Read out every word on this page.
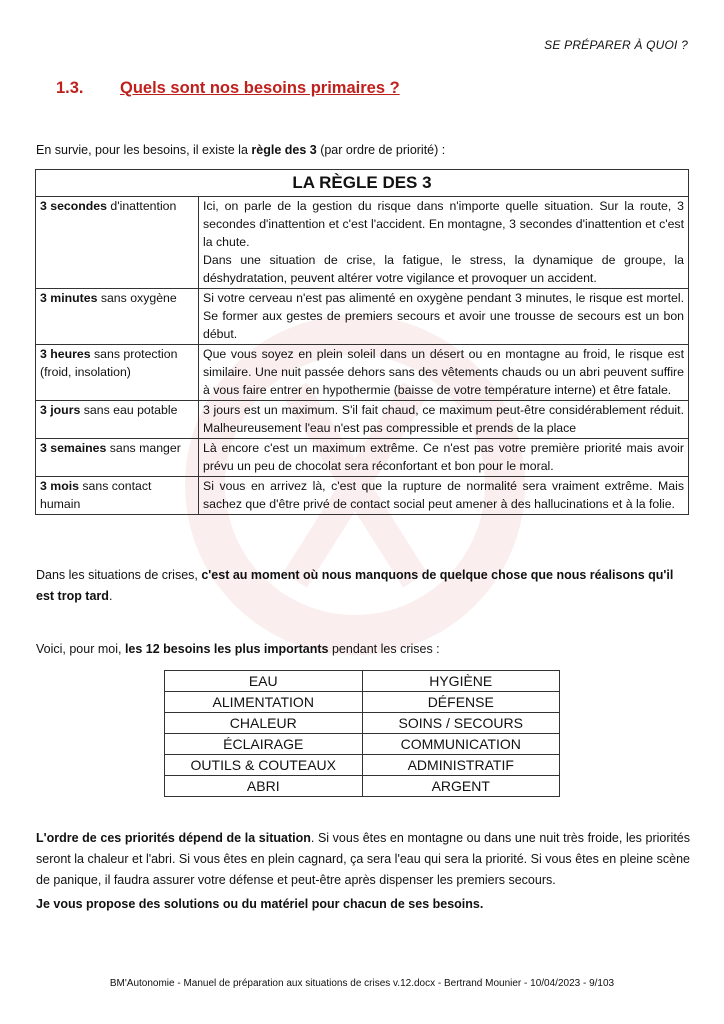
SE PRÉPARER À QUOI ?
1.3. Quels sont nos besoins primaires ?
En survie, pour les besoins, il existe la règle des 3 (par ordre de priorité) :
LA RÈGLE DES 3	
3 secondes d'inattention	Ici, on parle de la gestion du risque dans n'importe quelle situation. Sur la route, 3 secondes d'inattention et c'est l'accident. En montagne, 3 secondes d'inattention et c'est la chute.
Dans une situation de crise, la fatigue, le stress, la dynamique de groupe, la déshydratation, peuvent altérer votre vigilance et provoquer un accident.

3 minutes sans oxygène	Si votre cerveau n'est pas alimenté en oxygène pendant 3 minutes, le risque est mortel. Se former aux gestes de premiers secours et avoir une trousse de secours est un bon début.
3 heures sans protection (froid, insolation)	Que vous soyez en plein soleil dans un désert ou en montagne au froid, le risque est similaire. Une nuit passée dehors sans des vêtements chauds ou un abri peuvent suffire à vous faire entrer en hypothermie (baisse de votre température interne) et être fatale.
3 jours sans eau potable	3 jours est un maximum. S'il fait chaud, ce maximum peut-être considérablement réduit. Malheureusement l'eau n'est pas compressible et prends de la place
3 semaines sans manger	Là encore c'est un maximum extrême. Ce n'est pas votre première priorité mais avoir prévu un peu de chocolat sera réconfortant et bon pour le moral.
3 mois sans contact humain	Si vous en arrivez là, c'est que la rupture de normalité sera vraiment extrême. Mais sachez que d'être privé de contact social peut amener à des hallucinations et à la folie.
Dans les situations de crises, c'est au moment où nous manquons de quelque chose que nous réalisons qu'il est trop tard.
Voici, pour moi, les 12 besoins les plus importants pendant les crises :
EAU	HYGIÈNE
ALIMENTATION	DÉFENSE
CHALEUR	SOINS / SECOURS
ÉCLAIRAGE	COMMUNICATION
OUTILS & COUTEAUX	ADMINISTRATIF
ABRI	ARGENT
L'ordre de ces priorités dépend de la situation. Si vous êtes en montagne ou dans une nuit très froide, les priorités seront la chaleur et l'abri. Si vous êtes en plein cagnard, ça sera l'eau qui sera la priorité. Si vous êtes en pleine scène de panique, il faudra assurer votre défense et peut-être après dispenser les premiers secours.
Je vous propose des solutions ou du matériel pour chacun de ses besoins.
BM'Autonomie - Manuel de préparation aux situations de crises v.12.docx - Bertrand Mounier - 10/04/2023 - 9/103
